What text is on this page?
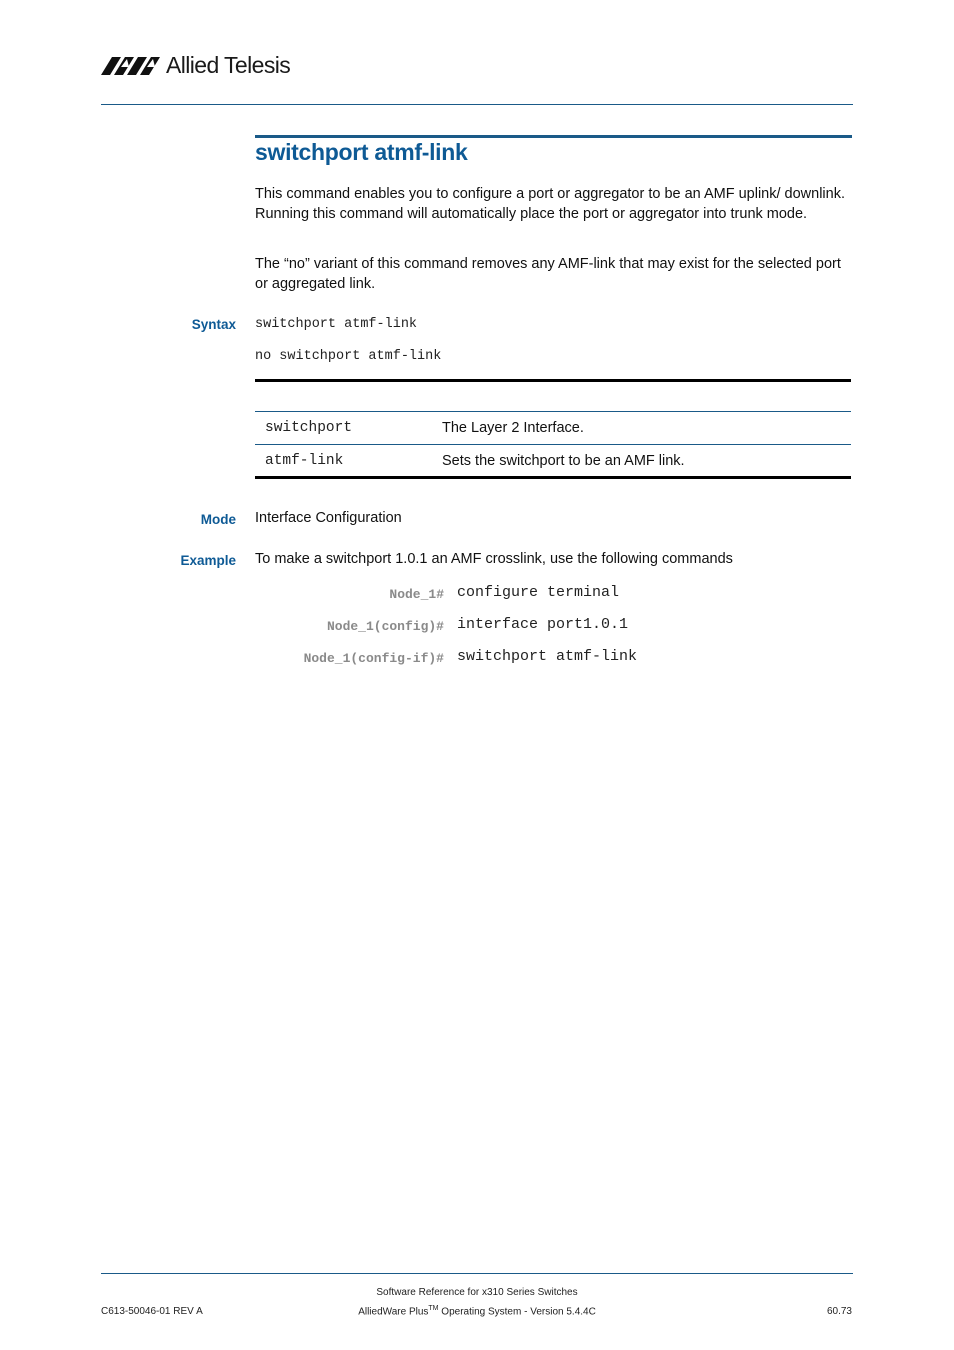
Allied Telesis
switchport atmf-link
This command enables you to configure a port or aggregator to be an AMF uplink/ downlink. Running this command will automatically place the port or aggregator into trunk mode.
The “no” variant of this command removes any AMF-link that may exist for the selected port or aggregated link.
Syntax switchport atmf-link
no switchport atmf-link
switchport	The Layer 2 Interface.
atmf-link	Sets the switchport to be an AMF link.
Mode Interface Configuration
Example To make a switchport 1.0.1 an AMF crosslink, use the following commands
Node_1# configure terminal
Node_1(config)# interface port1.0.1
Node_1(config-if)# switchport atmf-link
Software Reference for x310 Series Switches
AlliedWare Plus™ Operating System - Version 5.4.4C
C613-50046-01 REV A	60.73
